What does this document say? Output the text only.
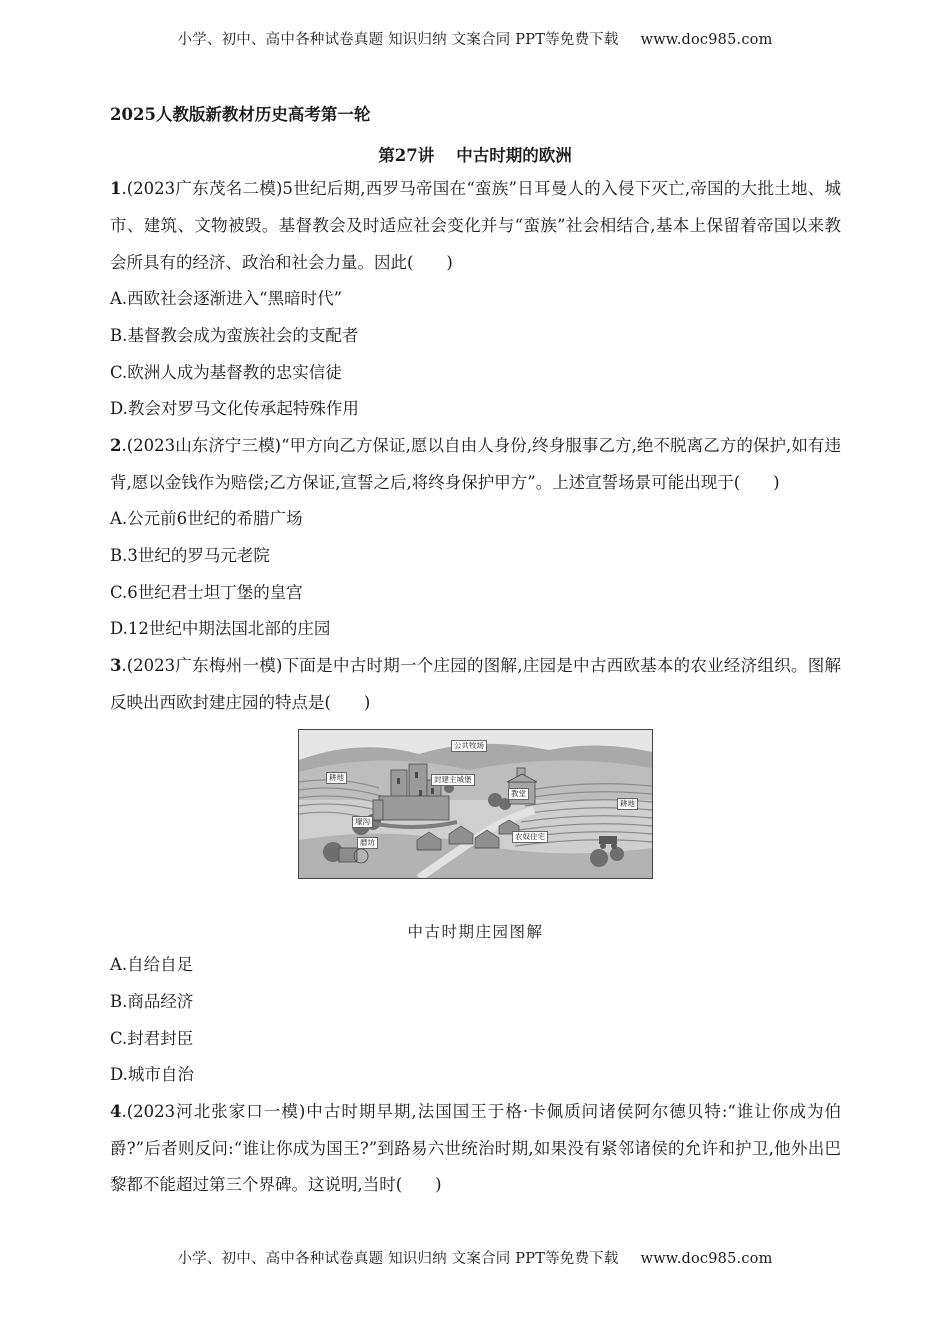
小学、初中、高中各种试卷真题 知识归纳 文案合同 PPT等免费下载 www.doc985.com
2025人教版新教材历史高考第一轮
第27讲 中古时期的欧洲
1.(2023广东茂名二模)5世纪后期,西罗马帝国在“蛮族”日耳曼人的入侵下灭亡,帝国的大批土地、城市、建筑、文物被毁。基督教会及时适应社会变化并与“蛮族”社会相结合,基本上保留着帝国以来教会所具有的经济、政治和社会力量。因此(　　)
A.西欧社会逐渐进入“黑暗时代”
B.基督教会成为蛮族社会的支配者
C.欧洲人成为基督教的忠实信徒
D.教会对罗马文化传承起特殊作用
2.(2023山东济宁三模)“甲方向乙方保证,愿以自由人身份,终身服事乙方,绝不脱离乙方的保护,如有违背,愿以金钱作为赔偿;乙方保证,宣誓之后,将终身保护甲方”。上述宣誓场景可能出现于(　　)
A.公元前6世纪的希腊广场
B.3世纪的罗马元老院
C.6世纪君士坦丁堡的皇宫
D.12世纪中期法国北部的庄园
3.(2023广东梅州一模)下面是中古时期一个庄园的图解,庄园是中古西欧基本的农业经济组织。图解反映出西欧封建庄园的特点是(　　)
公共牧场
耕地	封建主城堡
教堂
耕地
壕沟
磨坊
农奴住宅
中古时期庄园图解
A.自给自足
B.商品经济
C.封君封臣
D.城市自治
4.(2023河北张家口一模)中古时期早期,法国国王于格·卡佩质问诸侯阿尔德贝特:“谁让你成为伯爵?”后者则反问:“谁让你成为国王?”到路易六世统治时期,如果没有紧邻诸侯的允许和护卫,他外出巴黎都不能超过第三个界碑。这说明,当时(　　)
小学、初中、高中各种试卷真题 知识归纳 文案合同 PPT等免费下载 www.doc985.com
